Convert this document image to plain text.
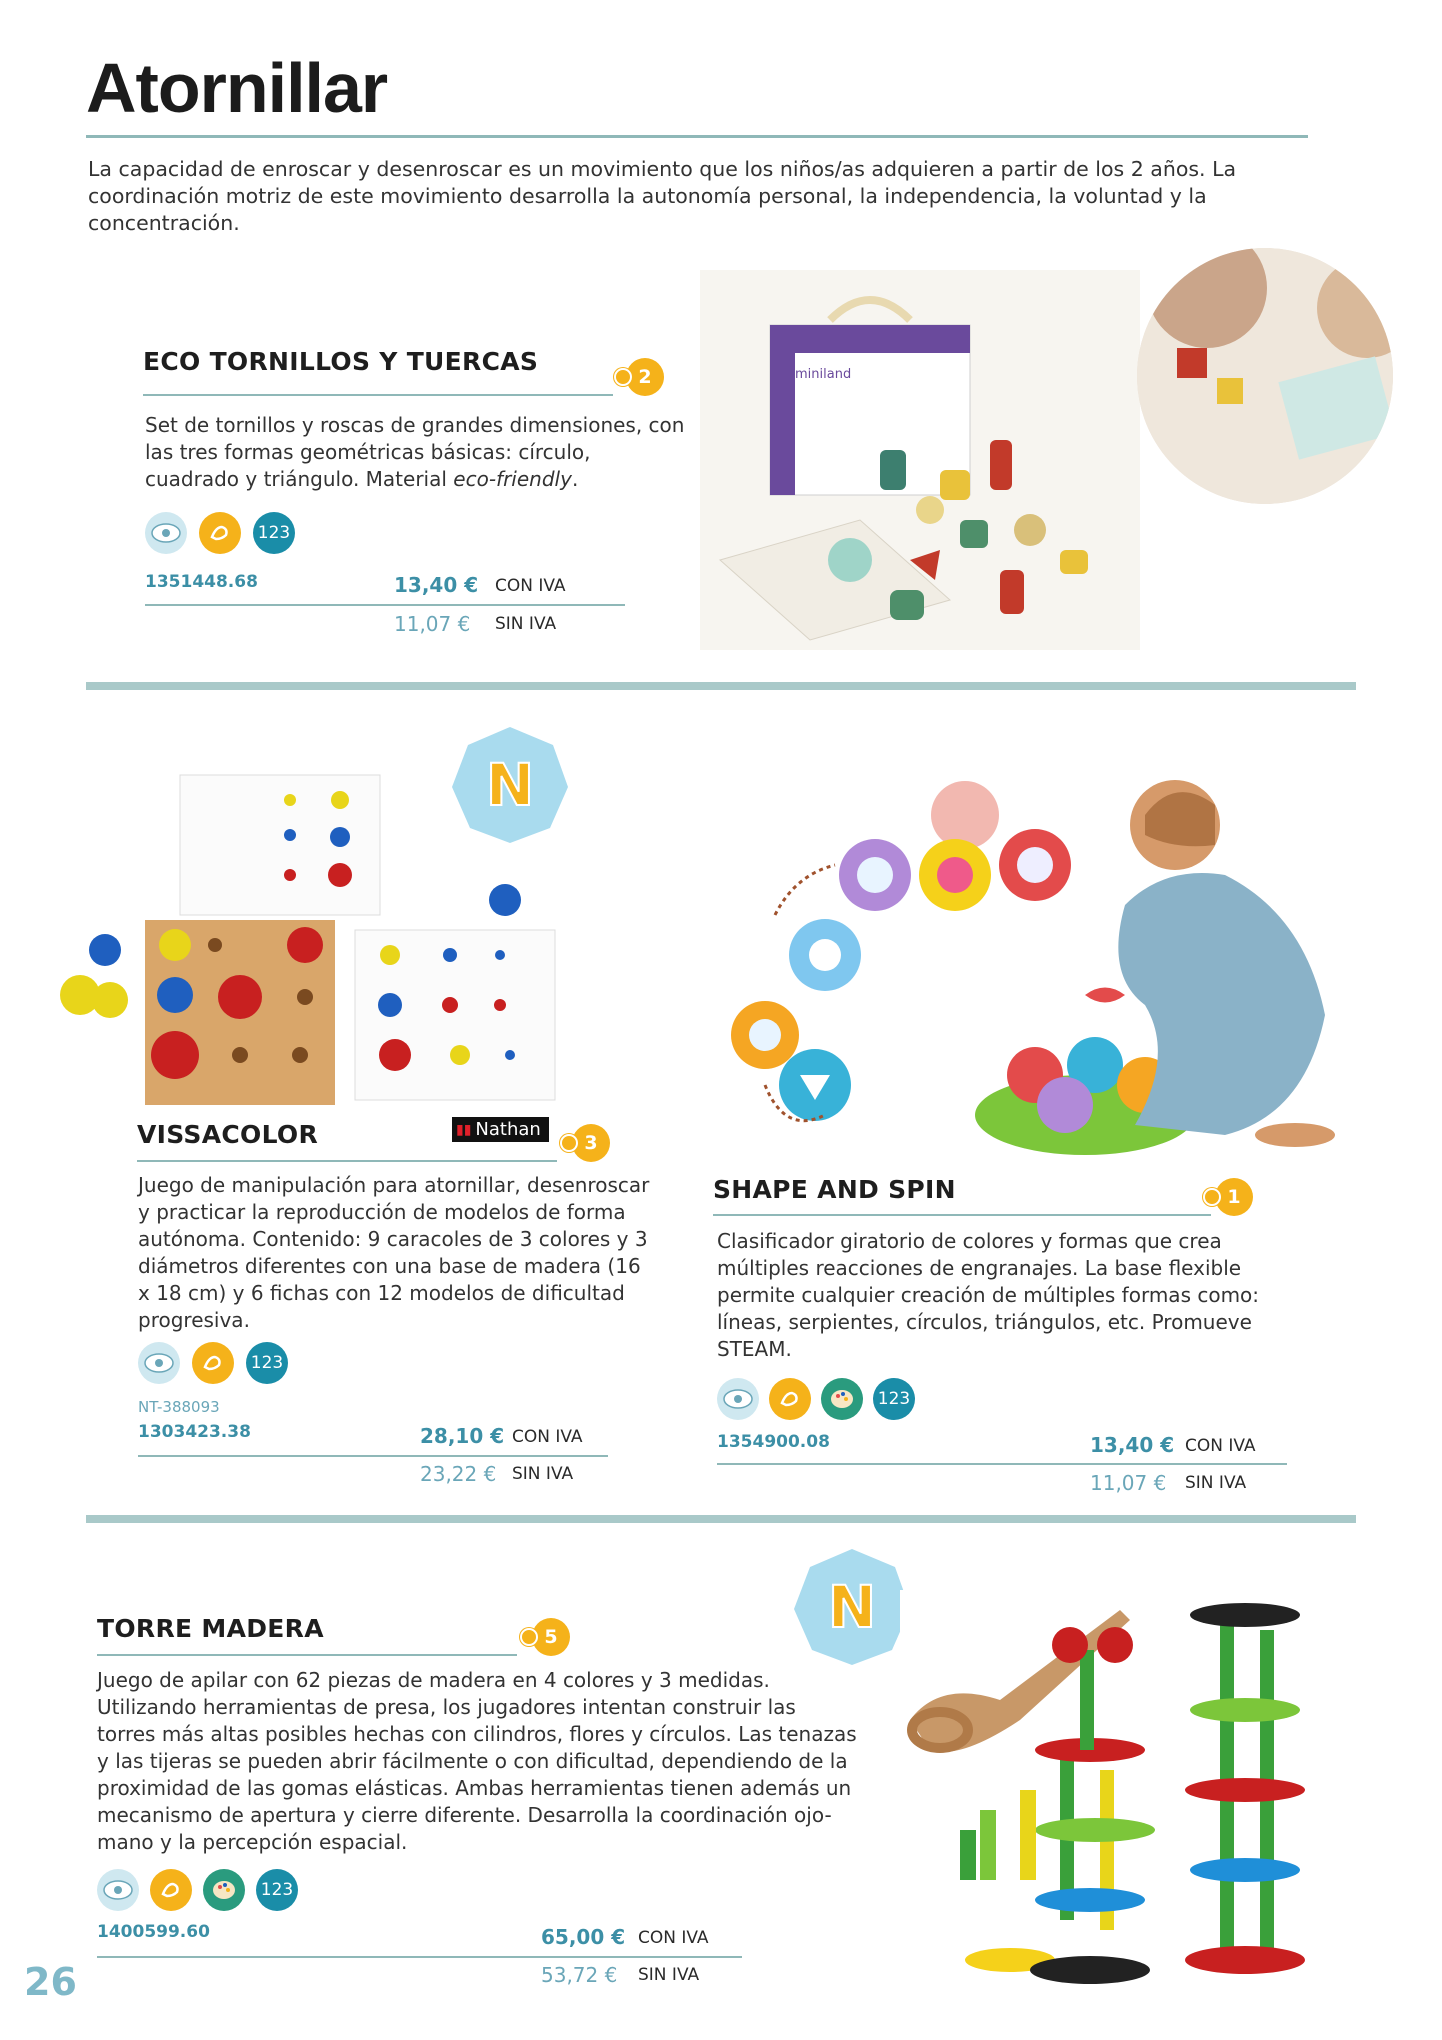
Atornillar
La capacidad de enroscar y desenroscar es un movimiento que los niños/as adquieren a partir de los 2 años. La coordinación motriz de este movimiento desarrolla la autonomía personal, la independencia, la voluntad y la concentración.
ECO TORNILLOS Y TUERCAS
2
Set de tornillos y roscas de grandes dimensiones, con las tres formas geométricas básicas: círculo, cuadrado y triángulo. Material eco-friendly.
123
1351448.68	13,40 € CON IVA
11,07 € SIN IVA
miniland
N
VISSACOLOR	▮▮ Nathan
3
Juego de manipulación para atornillar, desenroscar y practicar la reproducción de modelos de forma autónoma. Contenido: 9 caracoles de 3 colores y 3 diámetros diferentes con una base de madera (16 x 18 cm) y 6 fichas con 12 modelos de dificultad progresiva.
123
NT-388093
1303423.38	28,10 € CON IVA
23,22 € SIN IVA
SHAPE AND SPIN	1
Clasificador giratorio de colores y formas que crea múltiples reacciones de engranajes. La base flexible permite cualquier creación de múltiples formas como: líneas, serpientes, círculos, triángulos, etc. Promueve STEAM.
123
1354900.08	13,40 € CON IVA
11,07 € SIN IVA
N
TORRE MADERA	5
Juego de apilar con 62 piezas de madera en 4 colores y 3 medidas. Utilizando herramientas de presa, los jugadores intentan construir las torres más altas posibles hechas con cilindros, flores y círculos. Las tenazas y las tijeras se pueden abrir fácilmente o con dificultad, dependiendo de la proximidad de las gomas elásticas. Ambas herramientas tienen además un mecanismo de apertura y cierre diferente. Desarrolla la coordinación ojo-mano y la percepción espacial.
123
1400599.60	65,00 € CON IVA
53,72 € SIN IVA
26
